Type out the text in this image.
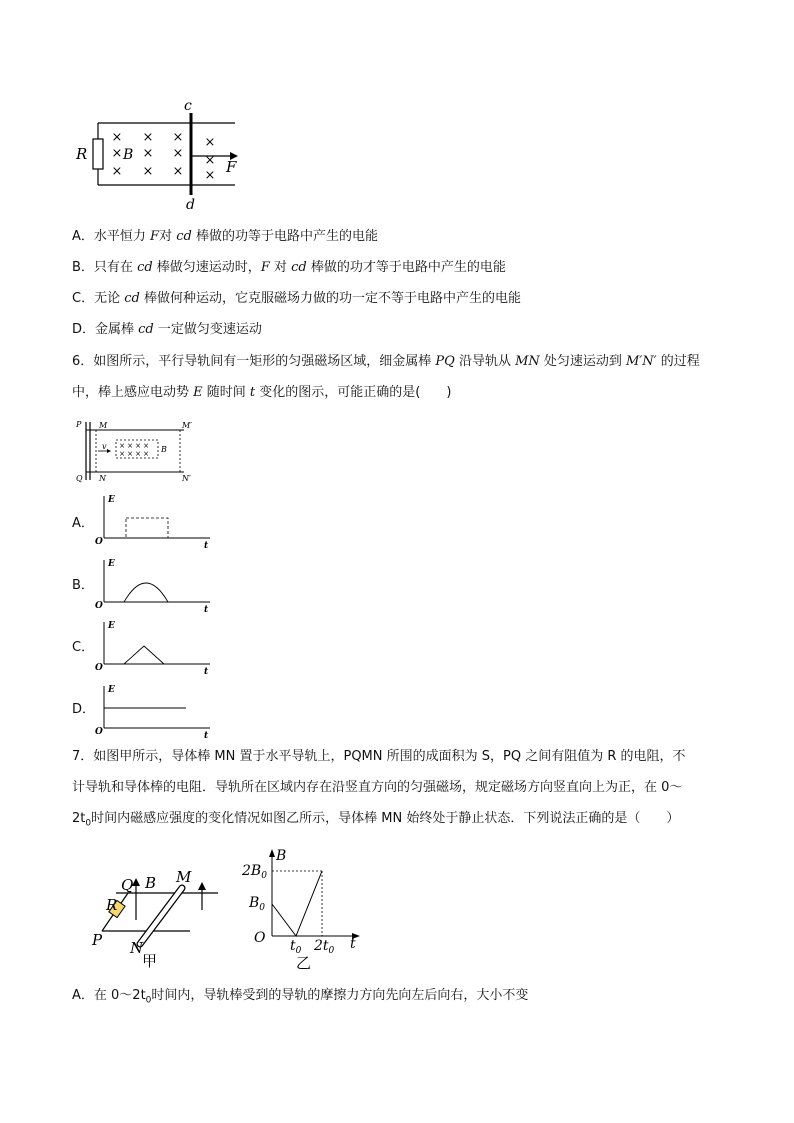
× × ×
× × ×
× × ×
×
×
×
c
d
R	B
F
A．水平恒力 F对 cd 棒做的功等于电路中产生的电能
B．只有在 cd 棒做匀速运动时，F 对 cd 棒做的功才等于电路中产生的电能
C．无论 cd 棒做何种运动，它克服磁场力做的功一定不等于电路中产生的电能
D．金属棒 cd 一定做匀变速运动
6．如图所示，平行导轨间有一矩形的匀强磁场区域，细金属棒 PQ 沿导轨从 MN 处匀速运动到 M′N′ 的过程
中，棒上感应电动势 E 随时间 t 变化的图示，可能正确的是(　　)
× × × ×
× × × ×
P
Q
M
N
M′
N′
v	B
A．
E
O	t
B．
E
O	t
C．
E
O	t
D．
E
O	t
7．如图甲所示，导体棒 MN 置于水平导轨上，PQMN 所围的成面积为 S，PQ 之间有阻值为 R 的电阻，不
计导轨和导体棒的电阻．导轨所在区域内存在沿竖直方向的匀强磁场，规定磁场方向竖直向上为正，在 0～
$2t_0$时间内磁感应强度的变化情况如图乙所示，导体棒 MN 始终处于静止状态．下列说法正确的是（　　）
Q B M
R
P N
甲
B
$2B_0$
$B_0$
O $t_0$ $2t_0$ t
乙
A．在 $0\sim 2t_0$时间内，导轨棒受到的导轨的摩擦力方向先向左后向右，大小不变
